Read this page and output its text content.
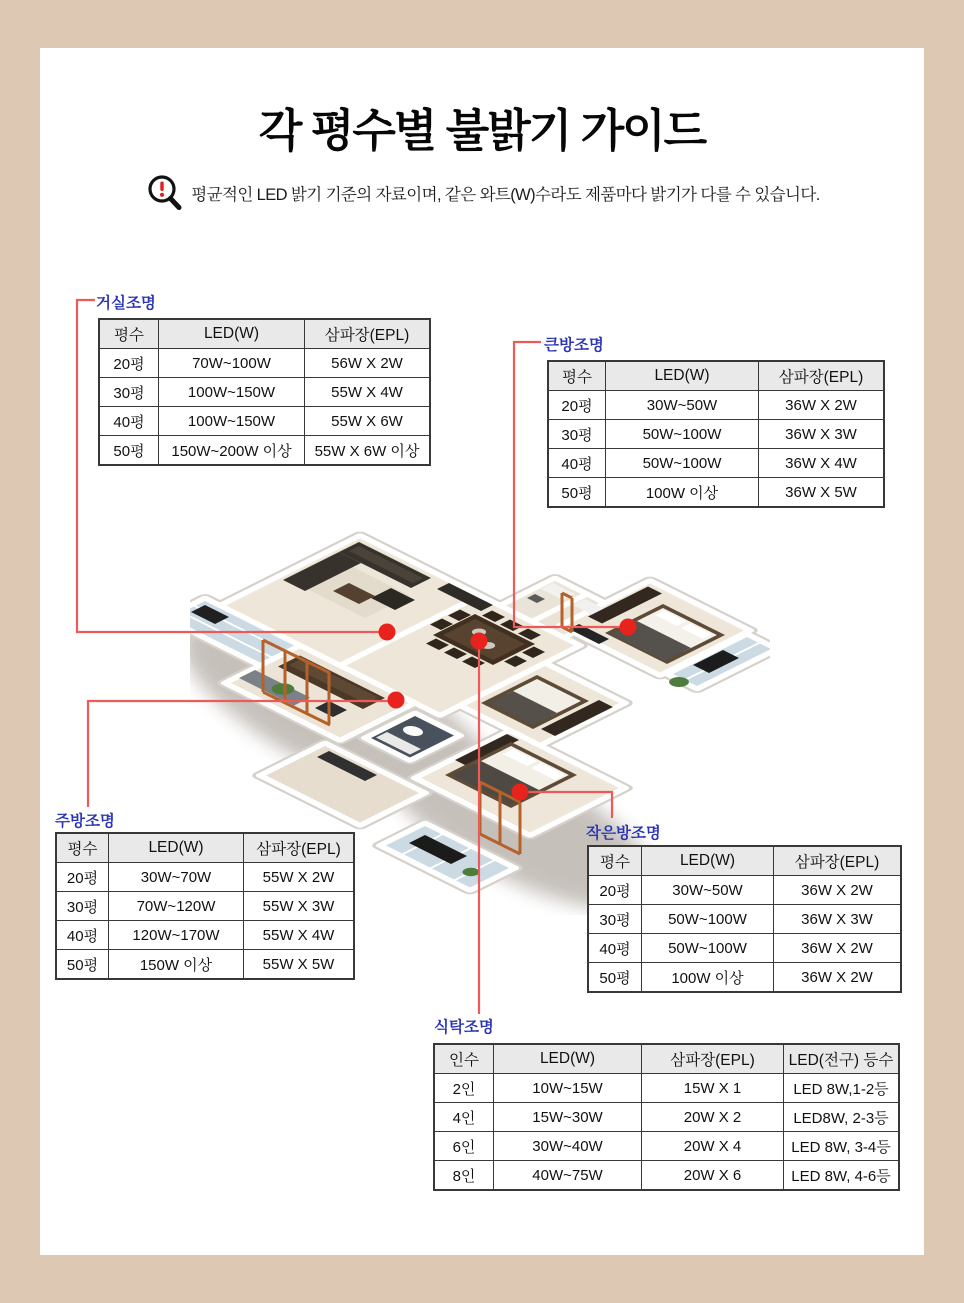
각 평수별 불밝기 가이드
평균적인 LED 밝기 기준의 자료이며, 같은 와트(W)수라도 제품마다 밝기가 다를 수 있습니다.
거실조명
큰방조명
주방조명
작은방조명
식탁조명
평수	LED(W)	삼파장(EPL)
20평	70W~100W	56W X 2W
30평	100W~150W	55W X 4W
40평	100W~150W	55W X 6W
50평	150W~200W 이상	55W X 6W 이상
평수	LED(W)	삼파장(EPL)
20평	30W~50W	36W X 2W
30평	50W~100W	36W X 3W
40평	50W~100W	36W X 4W
50평	100W 이상	36W X 5W
평수	LED(W)	삼파장(EPL)
20평	30W~70W	55W X 2W
30평	70W~120W	55W X 3W
40평	120W~170W	55W X 4W
50평	150W 이상	55W X 5W
평수	LED(W)	삼파장(EPL)
20평	30W~50W	36W X 2W
30평	50W~100W	36W X 3W
40평	50W~100W	36W X 2W
50평	100W 이상	36W X 2W
인수	LED(W)	삼파장(EPL)	LED(전구) 등수
2인	10W~15W	15W X 1	LED 8W,1-2등
4인	15W~30W	20W X 2	LED8W, 2-3등
6인	30W~40W	20W X 4	LED 8W, 3-4등
8인	40W~75W	20W X 6	LED 8W, 4-6등
